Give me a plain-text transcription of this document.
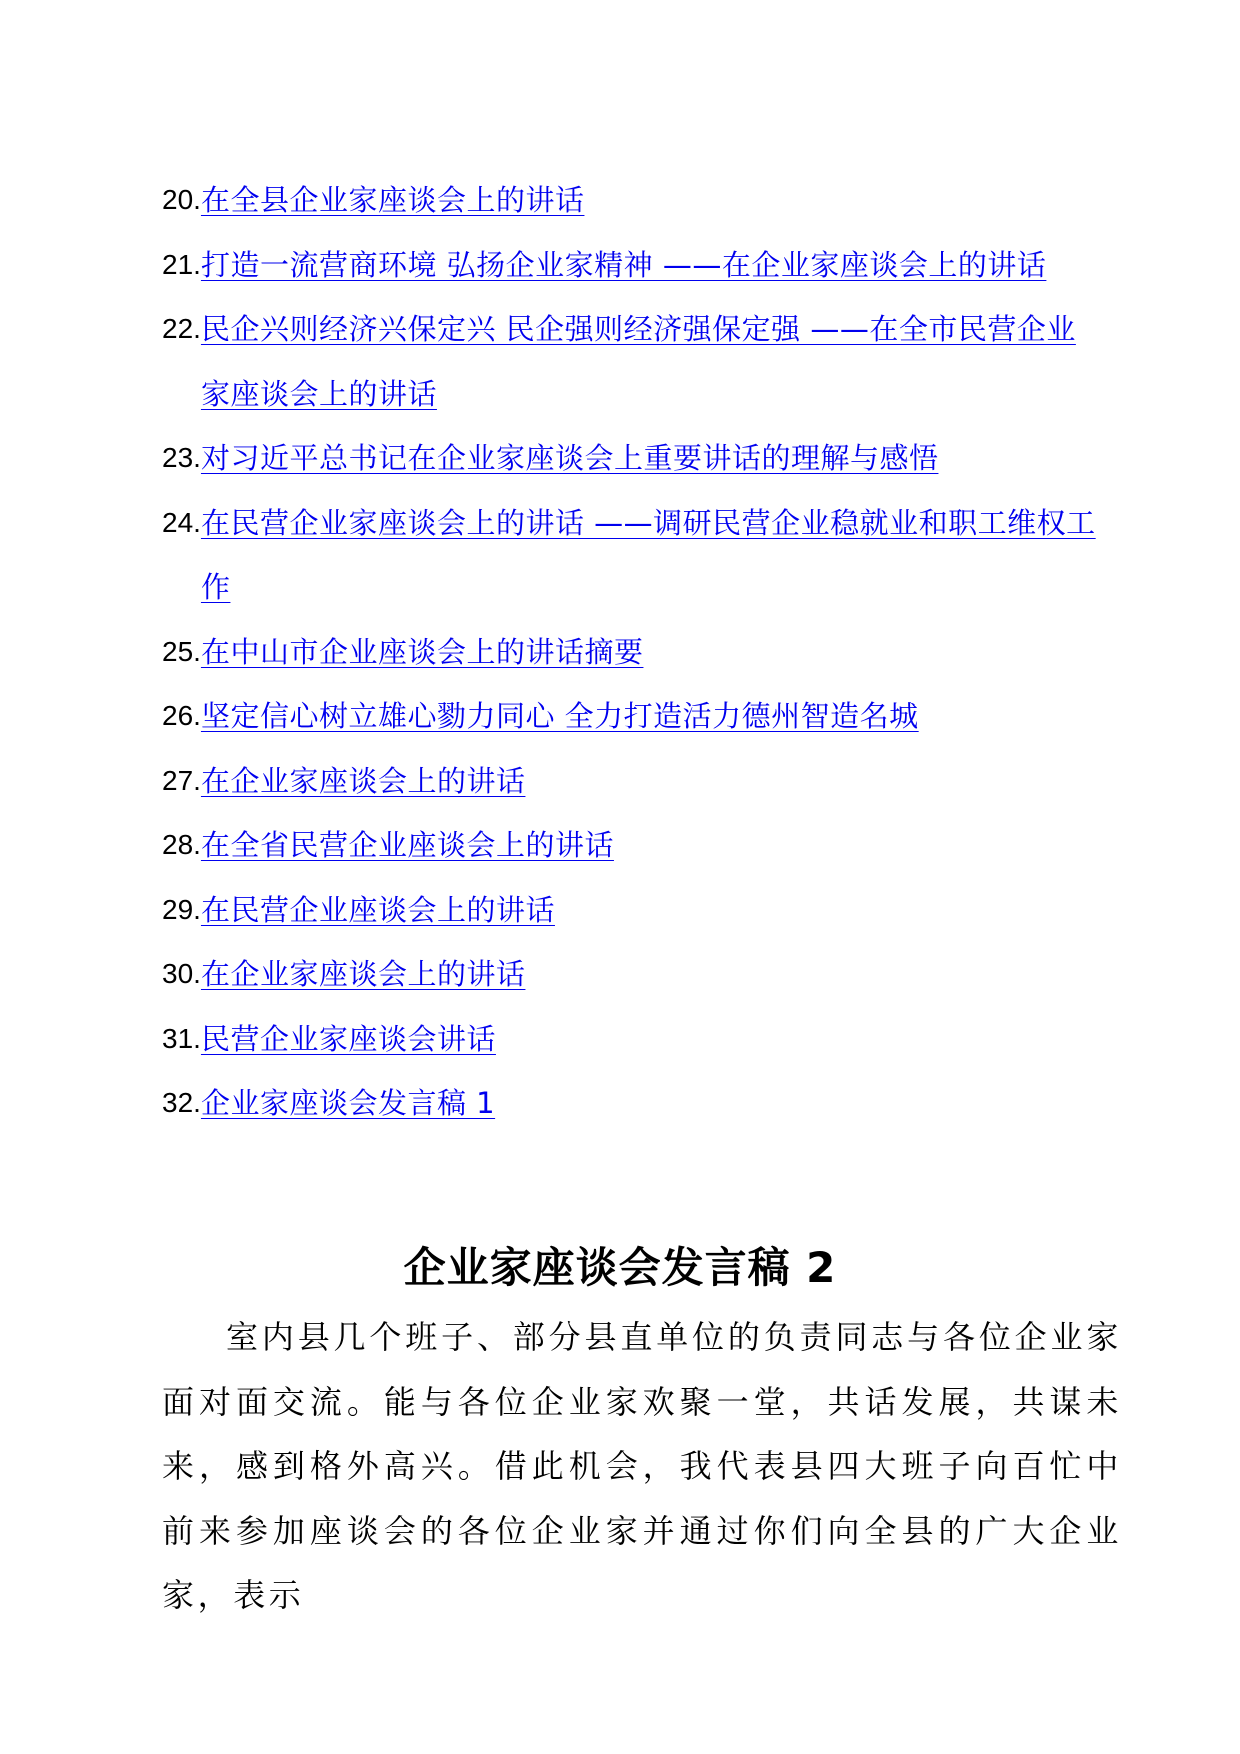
20. 在全县企业家座谈会上的讲话
21. 打造一流营商环境 弘扬企业家精神 ——在企业家座谈会上的讲话
22. 民企兴则经济兴保定兴 民企强则经济强保定强 ——在全市民营企业家座谈会上的讲话
23. 对习近平总书记在企业家座谈会上重要讲话的理解与感悟
24. 在民营企业家座谈会上的讲话 ——调研民营企业稳就业和职工维权工作
25. 在中山市企业座谈会上的讲话摘要
26. 坚定信心树立雄心勠力同心 全力打造活力德州智造名城
27. 在企业家座谈会上的讲话
28. 在全省民营企业座谈会上的讲话
29. 在民营企业座谈会上的讲话
30. 在企业家座谈会上的讲话
31. 民营企业家座谈会讲话
32. 企业家座谈会发言稿 1
企业家座谈会发言稿 2

室内县几个班子、部分县直单位的负责同志与各位企业家面对面交流。能与各位企业家欢聚一堂，共话发展，共谋未来，感到格外高兴。借此机会，我代表县四大班子向百忙中前来参加座谈会的各位企业家并通过你们向全县的广大企业家，表示
